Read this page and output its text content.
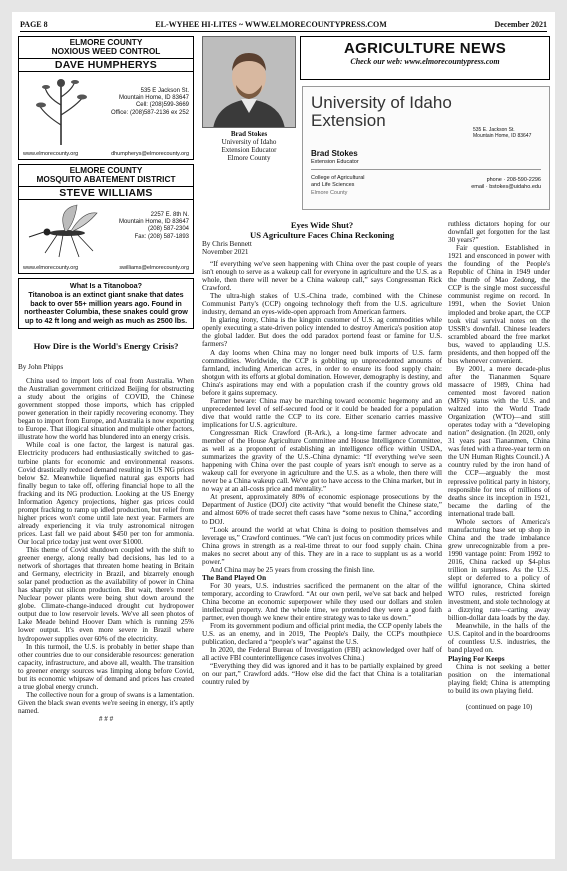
PAGE 8	EL-WYHEE HI-LITES ~ WWW.ELMORECOUNTYPRESS.COM	December 2021
ELMORE COUNTY
NOXIOUS WEED CONTROL
DAVE HUMPHERYS
535 E Jackson St.
Mountain Home, ID 83647
Cell: (208)599-3669
Office: (208)587-2136 ex 252
www.elmorecounty.org	dhumpherys@elmorecounty.org
ELMORE COUNTY
MOSQUITO ABATEMENT DISTRICT
STEVE WILLIAMS
2257 E. 8th N.
Mountain Home, ID 83647
(208) 587-2304
Fax: (208) 587-1893
www.elmorecounty.org	swilliams@elmorecounty.org
What Is a Titanoboa?
Titanoboa is an extinct giant snake that dates back to over 55+ million years ago. Found in northeaster Columbia, these snakes could grow up to 42 ft long and weigh as much as 2500 lbs.
How Dire is the World's Energy Crisis?
By John Phipps

China used to import lots of coal from Australia. When the Australian government criticized Beijing for obstructing a study about the origins of COVID, the Chinese government stopped those imports, which has crippled power generation in their rapidly recovering economy. They began to import from Europe, and Australia is now exporting to Europe. That illogical situation and multiple other factors, illustrate how the world has blundered into an energy crisis.

While coal is one factor, the largest is natural gas. Electricity producers had enthusiastically switched to gas-turbine plants for economic and environmental reasons. Covid drastically reduced demand resulting in US NG prices below $2. Meanwhile liquefied natural gas exports had finally begun to take off, offering financial hope to all the fracking and its NG production. Looking at the US Energy Information Agency projections, higher gas prices could prompt fracking to ramp up idled production, but relief from higher prices won't come until late next year. Farmers are already experiencing it via truly astronomical nitrogen prices. Last fall we paid about $450 per ton for ammonia. Our local price today just went over $1000.

This theme of Covid shutdown coupled with the shift to greener energy, along really bad decisions, has led to a network of shortages that threaten home heating in Britain and Germany, electricity in Brazil, and bizarrely enough solar panel production as the availability of power in China has sharply cut silicon production. But wait, there's more! Nuclear power plants were being shut down around the globe. Climate-change-induced drought cut hydropower output due to low reservoir levels. We've all seen photos of Lake Meade behind Hoover Dam which is running 25% lower output. It's even more severe in Brazil where hydropower supplies over 60% of the electricity.

In this turmoil, the U.S. is probably in better shape than other countries due to our considerable resources: generation capacity, infrastructure, and above all, wealth. The transition to greener energy sources was limping along before Covid, but its economic whipsaw of demand and prices has created a true global energy crunch.

The collective noun for a group of swans is a lamentation. Given the black swan events we're seeing in energy, it's aptly named.

# # #
AGRICULTURE NEWS
Check our web: www.elmorecountypress.com
Brad Stokes
University of Idaho
Extension Educator
Elmore County
University of Idaho
Extension	535 E. Jackson St.
Mountain Home, ID 83647
Brad Stokes
Extension Educator
College of Agricultural
and Life Sciences
Elmore County
phone · 208-590-2296
email · bstokes@uidaho.edu
Eyes Wide Shut?
US Agriculture Faces China Reckoning
By Chris Bennett
November 2021

“If everything we've seen happening with China over the past couple of years isn't enough to serve as a wakeup call for everyone in agriculture and the U.S. as a whole, then there will never be a China wakeup call,” says Congressman Rick Crawford.

The ultra-high stakes of U.S.-China trade, combined with the Chinese Communist Party's (CCP) ongoing technology theft from the U.S. agriculture industry, demand an eyes-wide-open approach from American farmers.

In glaring irony, China is the kingpin customer of U.S. ag commodities while openly executing a state-driven policy intended to destroy America's position atop the global ladder. But does the odd paradox portend feast or famine for U.S. farmers?

A day looms when China may no longer need bulk imports of U.S. farm commodities. Worldwide, the CCP is gobbling up unprecedented amounts of farmland, including American acres, in order to ensure its food supply chain: shotgun with its efforts at global domination. However, demography is destiny, and China's aspirations may end with a population crash if the country grows old before it gains supremacy.

Farmer beware: China may be marching toward economic hegemony and an unprecedented level of self-secured food or it could be headed for a population dive that would rattle the CCP to its core. Either scenario carries massive implications for U.S. agriculture.

Congressman Rick Crawford (R-Ark.), a long-time farmer advocate and member of the House Agriculture Committee and House Intelligence Committee, as well as a proponent of establishing an intelligence office within USDA, summarizes the gravity of the U.S.-China dynamic: “If everything we've seen happening with China over the past couple of years isn't enough to serve as a wakeup call for everyone in agriculture and the U.S. as a whole, then there will never be a China wakeup call. We've got to have access to the China market, but in no way at an all-costs price and mentality.”

At present, approximately 80% of economic espionage prosecutions by the Department of Justice (DOJ) cite activity “that would benefit the Chinese state,” and almost 60% of trade secret theft cases have “some nexus to China,” according to DOJ.

“Look around the world at what China is doing to position themselves and leverage us,” Crawford continues. “We can't just focus on commodity prices while China grows in strength as a real-time threat to our food supply chain. China makes no secret about any of this. They are in a race to supplant us as a world power.”

And China may be 25 years from crossing the finish line.

The Band Played On

For 30 years, U.S. industries sacrificed the permanent on the altar of the temporary, according to Crawford. “At our own peril, we've sat back and helped China become an economic superpower while they used our dollars and stolen intellectual property. And the whole time, we pretended they were a good faith partner, even though we knew their entire strategy was to take us down.”

From its government podium and official print media, the CCP openly labels the U.S. as an enemy, and in 2019, The People's Daily, the CCP's mouthpiece publication, declared a “people's war” against the U.S.

In 2020, the Federal Bureau of Investigation (FBI) acknowledged over half of all active FBI counterintelligence cases involves China.)

“Everything they did was ignored and it has to be partially explained by greed on our part,” Crawford adds. “How else did the fact that China is a totalitarian country ruled by

ruthless dictators hoping for our downfall get forgotten for the last 30 years?”

Fair question. Established in 1921 and ensconced in power with the founding of the People's Republic of China in 1949 under the thumb of Mao Zedong, the CCP is the single most successful communist regime on record. In 1991, when the Soviet Union imploded and broke apart, the CCP took vital survival notes on the USSR's downfall. Chinese leaders scrambled aboard the free market bus, waved to applauding U.S. presidents, and then hopped off the bus whenever convenient.

By 2001, a mere decade-plus after the Tiananmen Square massacre of 1989, China had cemented most favored nation (MFN) status with the U.S. and waltzed into the World Trade Organization (WTO)—and still operates today with a “developing nation” designation. (In 2020, only 31 years past Tiananmen, China was feted with a three-year term on the UN Human Rights Council.) A country ruled by the iron hand of the CCP—arguably the most repressive political party in history, responsible for tens of millions of deaths since its inception in 1921, became the darling of the international trade ball.

Whole sectors of America's manufacturing base set up shop in China and the trade imbalance grew unrecognizable from a pre-1990 vantage point: From 1992 to 2016, China racked up $4-plus trillion in surpluses. As the U.S. slept or deferred to a policy of willful ignorance, China skirted WTO rules, restricted foreign investment, and stole technology at a dizzying rate—carting away billion-dollar data loads by the day.

Meanwhile, in the halls of the U.S. Capitol and in the boardrooms of countless U.S. industries, the band played on.

Playing For Keeps

China is not seeking a better position on the international playing field; China is attempting to build its own playing field.

(continued on page 10)
